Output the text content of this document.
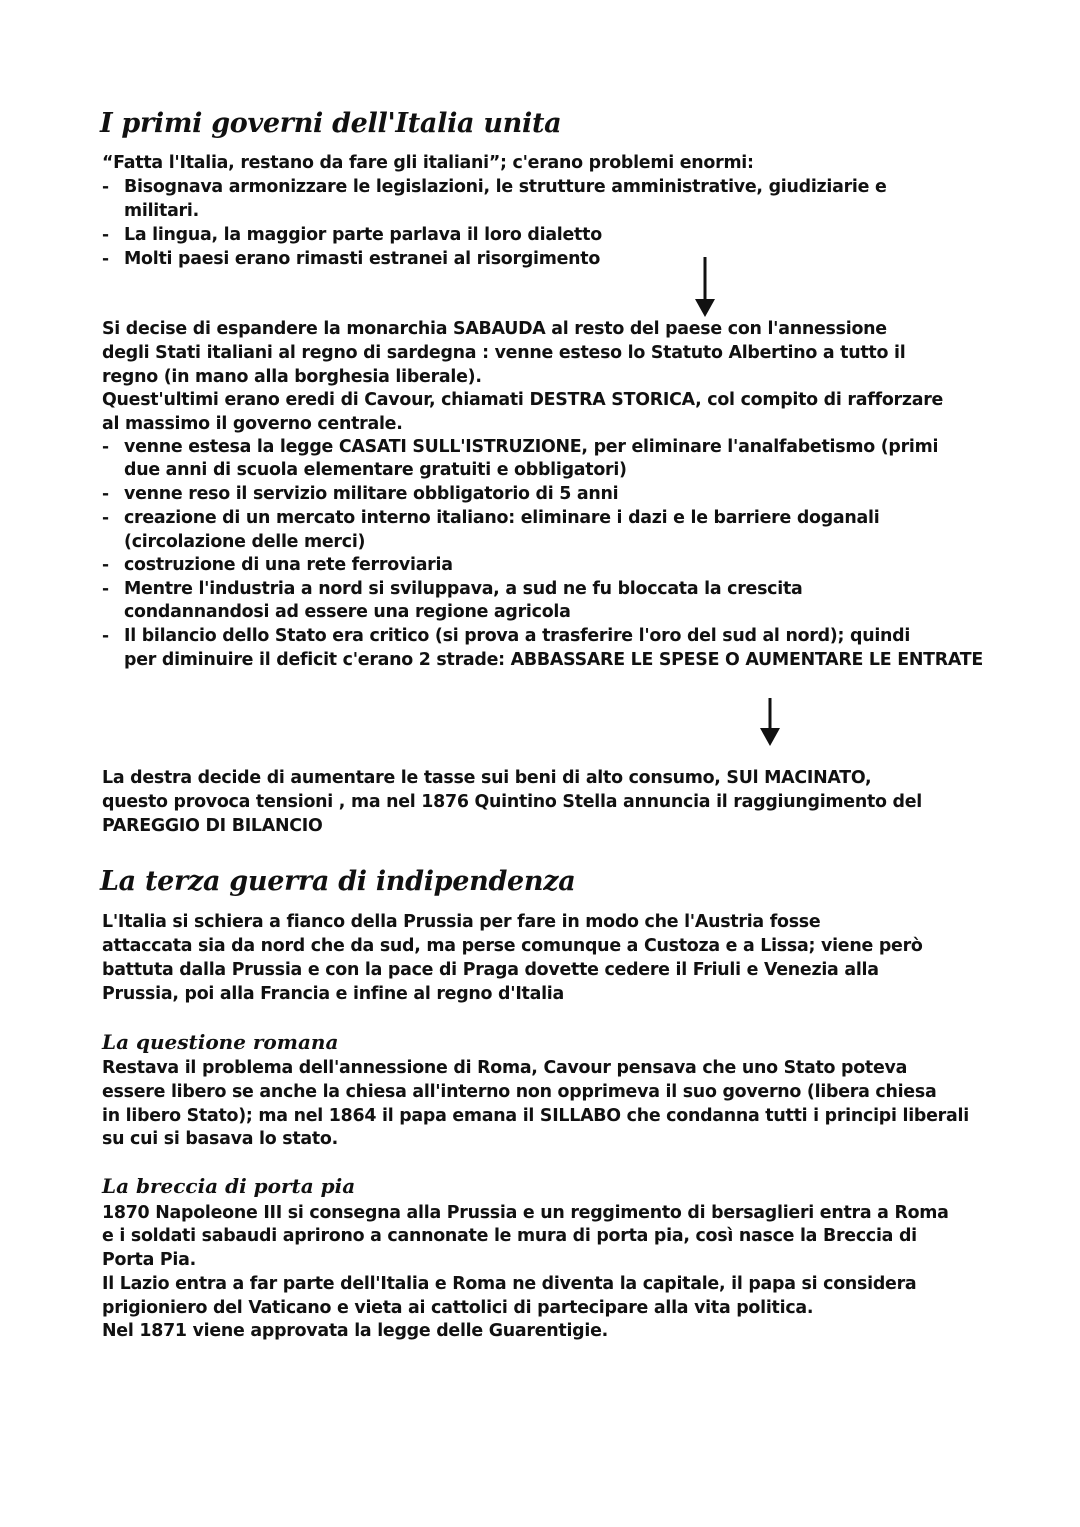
I primi governi dell'Italia unita
“Fatta l'Italia, restano da fare gli italiani”; c'erano problemi enormi:
- Bisognava armonizzare le legislazioni, le strutture amministrative, giudiziarie e
militari.
- La lingua, la maggior parte parlava il loro dialetto
- Molti paesi erano rimasti estranei al risorgimento
Si decise di espandere la monarchia SABAUDA al resto del paese con l'annessione
degli Stati italiani al regno di sardegna : venne esteso lo Statuto Albertino a tutto il
regno (in mano alla borghesia liberale).
Quest'ultimi erano eredi di Cavour, chiamati DESTRA STORICA, col compito di rafforzare
al massimo il governo centrale.
- venne estesa la legge CASATI SULL'ISTRUZIONE, per eliminare l'analfabetismo (primi
due anni di scuola elementare gratuiti e obbligatori)
- venne reso il servizio militare obbligatorio di 5 anni
- creazione di un mercato interno italiano: eliminare i dazi e le barriere doganali
(circolazione delle merci)
- costruzione di una rete ferroviaria
- Mentre l'industria a nord si sviluppava, a sud ne fu bloccata la crescita
condannandosi ad essere una regione agricola
- Il bilancio dello Stato era critico (si prova a trasferire l'oro del sud al nord); quindi
per diminuire il deficit c'erano 2 strade: ABBASSARE LE SPESE O AUMENTARE LE ENTRATE
La destra decide di aumentare le tasse sui beni di alto consumo, SUl MACINATO,
questo provoca tensioni , ma nel 1876 Quintino Stella annuncia il raggiungimento del
PAREGGIO DI BILANCIO
La terza guerra di indipendenza
L'Italia si schiera a fianco della Prussia per fare in modo che l'Austria fosse
attaccata sia da nord che da sud, ma perse comunque a Custoza e a Lissa; viene però
battuta dalla Prussia e con la pace di Praga dovette cedere il Friuli e Venezia alla
Prussia, poi alla Francia e infine al regno d'Italia
La questione romana
Restava il problema dell'annessione di Roma, Cavour pensava che uno Stato poteva
essere libero se anche la chiesa all'interno non opprimeva il suo governo (libera chiesa
in libero Stato); ma nel 1864 il papa emana il SILLABO che condanna tutti i principi liberali
su cui si basava lo stato.
La breccia di porta pia
1870 Napoleone III si consegna alla Prussia e un reggimento di bersaglieri entra a Roma
e i soldati sabaudi aprirono a cannonate le mura di porta pia, così nasce la Breccia di
Porta Pia.
Il Lazio entra a far parte dell'Italia e Roma ne diventa la capitale, il papa si considera
prigioniero del Vaticano e vieta ai cattolici di partecipare alla vita politica.
Nel 1871 viene approvata la legge delle Guarentigie.
